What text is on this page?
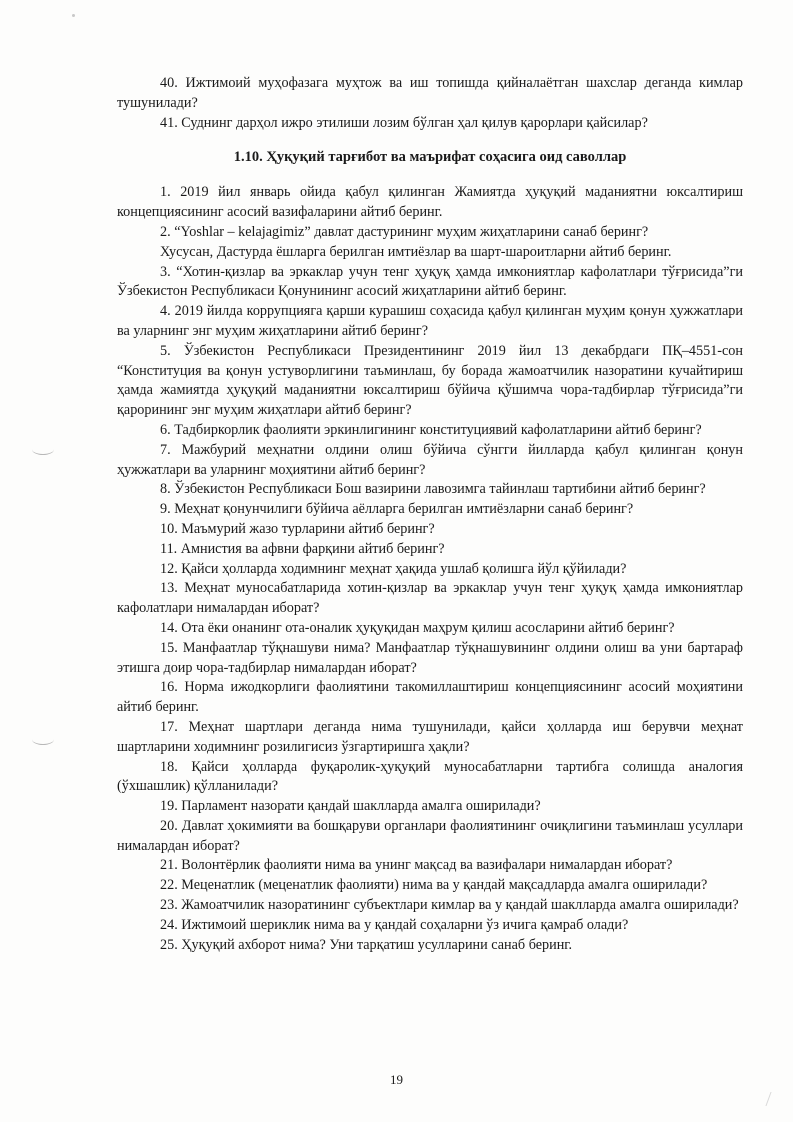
40. Ижтимоий муҳофазага муҳтож ва иш топишда қийналаётган шахслар деганда кимлар тушунилади?

41. Суднинг дарҳол ижро этилиши лозим бўлган ҳал қилув қарорлари қайсилар?

1.10. Ҳуқуқий тарғибот ва маърифат соҳасига оид саволлар

1. 2019 йил январь ойида қабул қилинган Жамиятда ҳуқуқий маданиятни юксалтириш концепциясининг асосий вазифаларини айтиб беринг.

2. “Yoshlar – kelajagimiz” давлат дастурининг муҳим жиҳатларини санаб беринг?

Хусусан, Дастурда ёшларга берилган имтиёзлар ва шарт-шароитларни айтиб беринг.

3. “Хотин-қизлар ва эркаклар учун тенг ҳуқуқ ҳамда имкониятлар кафолатлари тўғрисида”ги Ўзбекистон Республикаси Қонунининг асосий жиҳатларини айтиб беринг.

4. 2019 йилда коррупцияга қарши курашиш соҳасида қабул қилинган муҳим қонун ҳужжатлари ва уларнинг энг муҳим жиҳатларини айтиб беринг?

5. Ўзбекистон Республикаси Президентининг 2019 йил 13 декабрдаги ПҚ–4551-сон “Конституция ва қонун устуворлигини таъминлаш, бу борада жамоатчилик назоратини кучайтириш ҳамда жамиятда ҳуқуқий маданиятни юксалтириш бўйича қўшимча чора-тадбирлар тўғрисида”ги қарорининг энг муҳим жиҳатлари айтиб беринг?

6. Тадбиркорлик фаолияти эркинлигининг конституциявий кафолатларини айтиб беринг?

7. Мажбурий меҳнатни олдини олиш бўйича сўнгги йилларда қабул қилинган қонун ҳужжатлари ва уларнинг моҳиятини айтиб беринг?

8. Ўзбекистон Республикаси Бош вазирини лавозимга тайинлаш тартибини айтиб беринг?

9. Меҳнат қонунчилиги бўйича аёлларга берилган имтиёзларни санаб беринг?

10. Маъмурий жазо турларини айтиб беринг?

11. Амнистия ва афвни фарқини айтиб беринг?

12. Қайси ҳолларда ходимнинг меҳнат ҳақида ушлаб қолишга йўл қўйилади?

13. Меҳнат муносабатларида хотин-қизлар ва эркаклар учун тенг ҳуқуқ ҳамда имкониятлар кафолатлари нималардан иборат?

14. Ота ёки онанинг ота-оналик ҳуқуқидан маҳрум қилиш асосларини айтиб беринг?

15. Манфаатлар тўқнашуви нима? Манфаатлар тўқнашувининг олдини олиш ва уни бартараф этишга доир чора-тадбирлар нималардан иборат?

16. Норма ижодкорлиги фаолиятини такомиллаштириш концепциясининг асосий моҳиятини айтиб беринг.

17. Меҳнат шартлари деганда нима тушунилади, қайси ҳолларда иш берувчи меҳнат шартларини ходимнинг розилигисиз ўзгартиришга ҳақли?

18. Қайси ҳолларда фуқаролик-ҳуқуқий муносабатларни тартибга солишда аналогия (ўхшашлик) қўлланилади?

19. Парламент назорати қандай шаклларда амалга оширилади?

20. Давлат ҳокимияти ва бошқаруви органлари фаолиятининг очиқлигини таъминлаш усуллари нималардан иборат?

21. Волонтёрлик фаолияти нима ва унинг мақсад ва вазифалари нималардан иборат?

22. Меценатлик (меценатлик фаолияти) нима ва у қандай мақсадларда амалга оширилади?

23. Жамоатчилик назоратининг субъектлари кимлар ва у қандай шаклларда амалга оширилади?

24. Ижтимоий шериклик нима ва у қандай соҳаларни ўз ичига қамраб олади?

25. Ҳуқуқий ахборот нима? Уни тарқатиш усулларини санаб беринг.

19
